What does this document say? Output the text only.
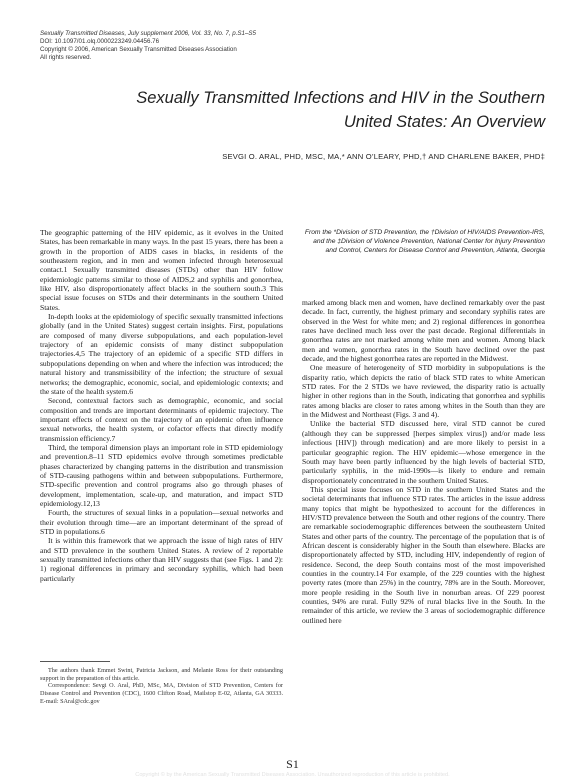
Sexually Transmitted Diseases, July supplement 2006, Vol. 33, No. 7, p.S1–S5
DOI: 10.1097/01.olq.0000223249.04456.76
Copyright © 2006, American Sexually Transmitted Diseases Association
All rights reserved.
Sexually Transmitted Infections and HIV in the Southern
United States: An Overview
SEVGI O. ARAL, PHD, MSC, MA,* ANN O’LEARY, PHD,† AND CHARLENE BAKER, PHD‡

The geographic patterning of the HIV epidemic, as it evolves in the United States, has been remarkable in many ways. In the past 15 years, there has been a growth in the proportion of AIDS cases in blacks, in residents of the southeastern region, and in men and women infected through heterosexual contact.1 Sexually transmitted diseases (STDs) other than HIV follow epidemiologic patterns similar to those of AIDS,2 and syphilis and gonorrhea, like HIV, also disproportionately affect blacks in the southern south.3 This special issue focuses on STDs and their determinants in the southern United States.

In-depth looks at the epidemiology of specific sexually transmitted infections globally (and in the United States) suggest certain insights. First, populations are composed of many diverse subpopulations, and each population-level trajectory of an epidemic consists of many distinct subpopulation trajectories.4,5 The trajectory of an epidemic of a specific STD differs in subpopulations depending on when and where the infection was introduced; the natural history and transmissibility of the infection; the structure of sexual networks; the demographic, economic, social, and epidemiologic contexts; and the state of the health system.6

Second, contextual factors such as demographic, economic, and social composition and trends are important determinants of epidemic trajectory. The important effects of context on the trajectory of an epidemic often influence sexual networks, the health system, or cofactor effects that directly modify transmission efficiency.7

Third, the temporal dimension plays an important role in STD epidemiology and prevention.8–11 STD epidemics evolve through sometimes predictable phases characterized by changing patterns in the distribution and transmission of STD-causing pathogens within and between subpopulations. Furthermore, STD-specific prevention and control programs also go through phases of development, implementation, scale-up, and maturation, and impact STD epidemiology.12,13

Fourth, the structures of sexual links in a population—sexual networks and their evolution through time—are an important determinant of the spread of STD in populations.6

It is within this framework that we approach the issue of high rates of HIV and STD prevalence in the southern United States. A review of 2 reportable sexually transmitted infections other than HIV suggests that (see Figs. 1 and 2): 1) regional differences in primary and secondary syphilis, which had been particularly

From the *Division of STD Prevention, the †Division of HIV/AIDS Prevention-IRS, and the ‡Division of Violence Prevention, National Center for Injury Prevention and Control, Centers for Disease Control and Prevention, Atlanta, Georgia

marked among black men and women, have declined remarkably over the past decade. In fact, currently, the highest primary and secondary syphilis rates are observed in the West for white men; and 2) regional differences in gonorrhea rates have declined much less over the past decade. Regional differentials in gonorrhea rates are not marked among white men and women. Among black men and women, gonorrhea rates in the South have declined over the past decade, and the highest gonorrhea rates are reported in the Midwest.

One measure of heterogeneity of STD morbidity in subpopulations is the disparity ratio, which depicts the ratio of black STD rates to white American STD rates. For the 2 STDs we have reviewed, the disparity ratio is actually higher in other regions than in the South, indicating that gonorrhea and syphilis rates among blacks are closer to rates among whites in the South than they are in the Midwest and Northeast (Figs. 3 and 4).

Unlike the bacterial STD discussed here, viral STD cannot be cured (although they can be suppressed [herpes simplex virus]) and/or made less infectious [HIV]) through medication) and are more likely to persist in a particular geographic region. The HIV epidemic—whose emergence in the South may have been partly influenced by the high levels of bacterial STD, particularly syphilis, in the mid-1990s—is likely to endure and remain disproportionately concentrated in the southern United States.

This special issue focuses on STD in the southern United States and the societal determinants that influence STD rates. The articles in the issue address many topics that might be hypothesized to account for the differences in HIV/STD prevalence between the South and other regions of the country. There are remarkable sociodemographic differences between the southeastern United States and other parts of the country. The percentage of the population that is of African descent is considerably higher in the South than elsewhere. Blacks are disproportionately affected by STD, including HIV, independently of region of residence. Second, the deep South contains most of the most impoverished counties in the country.14 For example, of the 229 counties with the highest poverty rates (more than 25%) in the country, 78% are in the South. Moreover, more people residing in the South live in nonurban areas. Of 229 poorest counties, 94% are rural. Fully 92% of rural blacks live in the South. In the remainder of this article, we review the 3 areas of sociodemographic difference outlined here

The authors thank Emmet Swint, Patricia Jackson, and Melanie Ross for their outstanding support in the preparation of this article.

Correspondence: Sevgi O. Aral, PhD, MSc, MA, Division of STD Prevention, Centers for Disease Control and Prevention (CDC), 1600 Clifton Road, Mailstop E-02, Atlanta, GA 30333. E-mail: SAral@cdc.gov

S1
Copyright © by the American Sexually Transmitted Diseases Association. Unauthorized reproduction of this article is prohibited.
